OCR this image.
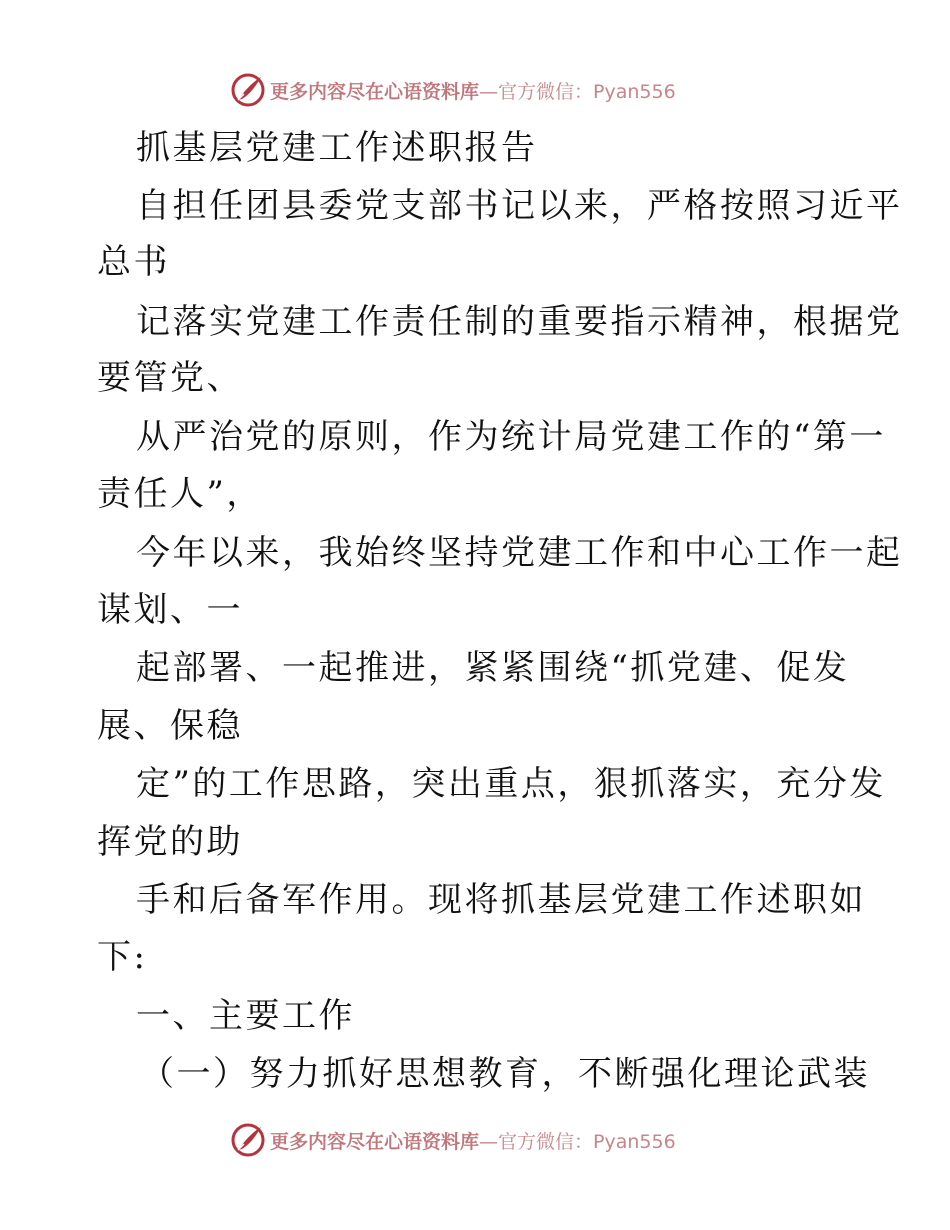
更多内容尽在心语资料库—官方微信：Pyan556
抓基层党建工作述职报告
自担任团县委党支部书记以来，严格按照习近平
总书
记落实党建工作责任制的重要指示精神，根据党
要管党、
从严治党的原则，作为统计局党建工作的“第一
责任人”，
今年以来，我始终坚持党建工作和中心工作一起
谋划、一
起部署、一起推进，紧紧围绕“抓党建、促发
展、保稳
定”的工作思路，突出重点，狠抓落实，充分发
挥党的助
手和后备军作用。现将抓基层党建工作述职如
下:
一、主要工作
（一）努力抓好思想教育，不断强化理论武装
更多内容尽在心语资料库—官方微信：Pyan556
